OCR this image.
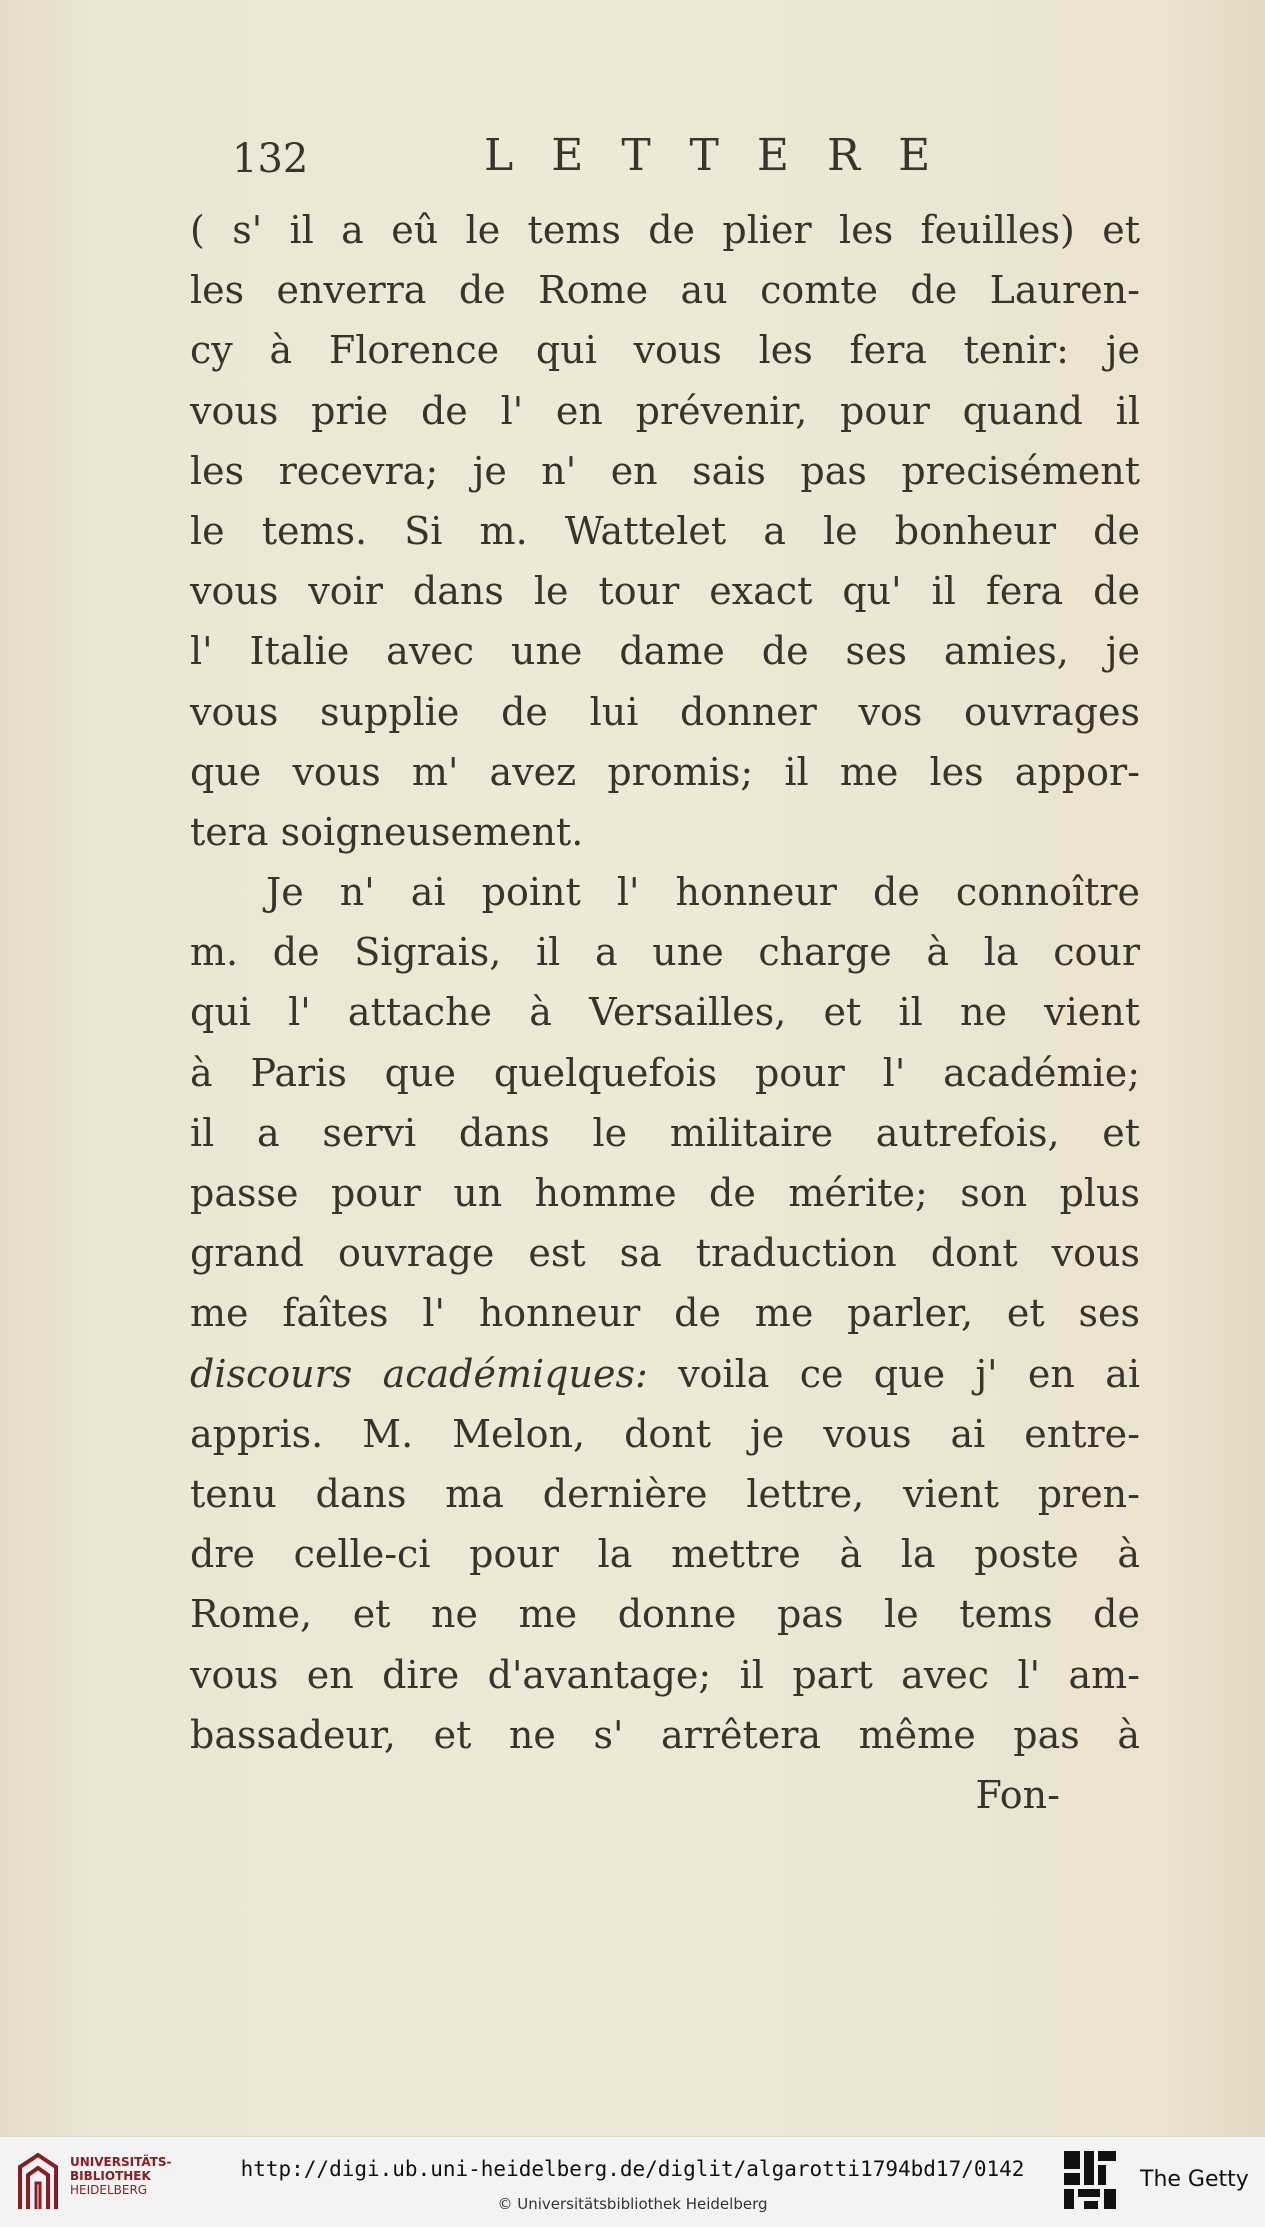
132	LETTERE
( s' il a eû le tems de plier les feuilles) et
les enverra de Rome au comte de Lauren-
cy à Florence qui vous les fera tenir: je
vous prie de l' en prévenir, pour quand il
les recevra; je n' en sais pas precisément
le tems. Si m. Wattelet a le bonheur de
vous voir dans le tour exact qu' il fera de
l' Italie avec une dame de ses amies, je
vous supplie de lui donner vos ouvrages
que vous m' avez promis; il me les appor-
tera soigneusement.
Je n' ai point l' honneur de connoître
m. de Sigrais, il a une charge à la cour
qui l' attache à Versailles, et il ne vient
à Paris que quelquefois pour l' académie;
il a servi dans le militaire autrefois, et
passe pour un homme de mérite; son plus
grand ouvrage est sa traduction dont vous
me faîtes l' honneur de me parler, et ses
discours académiques: voila ce que j' en ai
appris. M. Melon, dont je vous ai entre-
tenu dans ma dernière lettre, vient pren-
dre celle-ci pour la mettre à la poste à
Rome, et ne me donne pas le tems de
vous en dire d'avantage; il part avec l' am-
bassadeur, et ne s' arrêtera même pas à
Fon-
UNIVERSITÄTS-
BIBLIOTHEK
HEIDELBERG
http://digi.ub.uni-heidelberg.de/diglit/algarotti1794bd17/0142
© Universitätsbibliothek Heidelberg
The Getty
